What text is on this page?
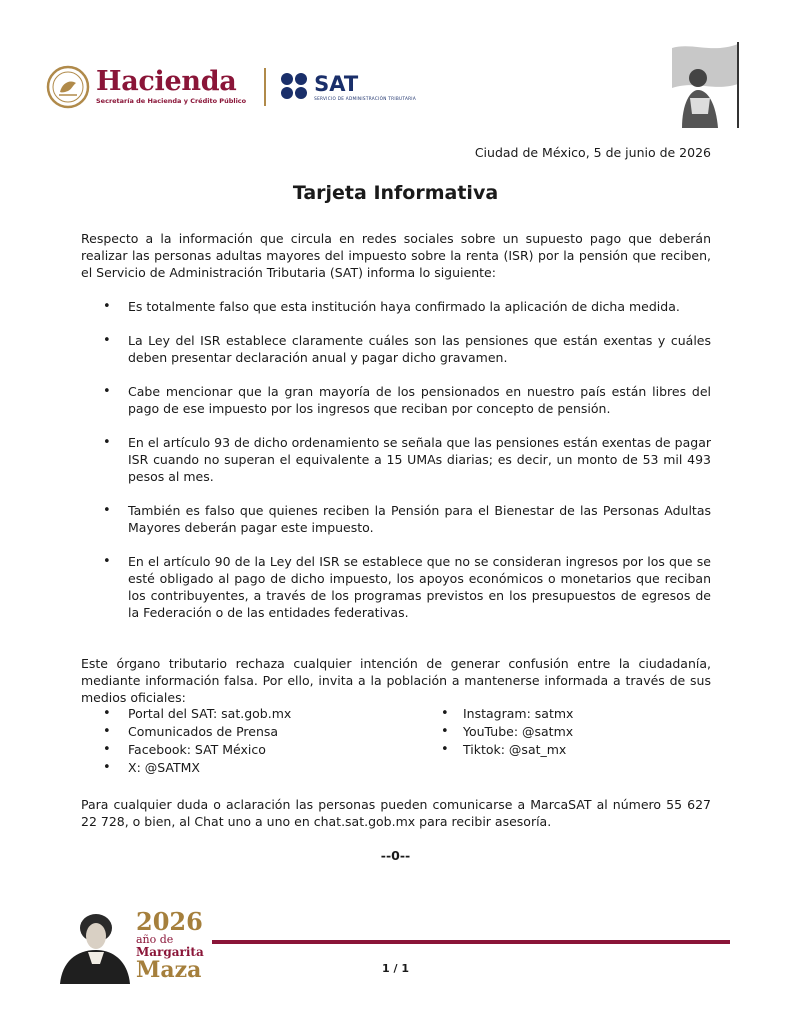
Hacienda
Secretaría de Hacienda y Crédito Público
SAT
SERVICIO DE ADMINISTRACIÓN TRIBUTARIA
Ciudad de México, 5 de junio de 2026
Tarjeta Informativa
Respecto a la información que circula en redes sociales sobre un supuesto pago que deberán realizar las personas adultas mayores del impuesto sobre la renta (ISR) por la pensión que reciben, el Servicio de Administración Tributaria (SAT) informa lo siguiente:
• Es totalmente falso que esta institución haya confirmado la aplicación de dicha medida.
• La Ley del ISR establece claramente cuáles son las pensiones que están exentas y cuáles deben presentar declaración anual y pagar dicho gravamen.
• Cabe mencionar que la gran mayoría de los pensionados en nuestro país están libres del pago de ese impuesto por los ingresos que reciban por concepto de pensión.
• En el artículo 93 de dicho ordenamiento se señala que las pensiones están exentas de pagar ISR cuando no superan el equivalente a 15 UMAs diarias; es decir, un monto de 53 mil 493 pesos al mes.
• También es falso que quienes reciben la Pensión para el Bienestar de las Personas Adultas Mayores deberán pagar este impuesto.
• En el artículo 90 de la Ley del ISR se establece que no se consideran ingresos por los que se esté obligado al pago de dicho impuesto, los apoyos económicos o monetarios que reciban los contribuyentes, a través de los programas previstos en los presupuestos de egresos de la Federación o de las entidades federativas.
Este órgano tributario rechaza cualquier intención de generar confusión entre la ciudadanía, mediante información falsa. Por ello, invita a la población a mantenerse informada a través de sus medios oficiales:
• Portal del SAT: sat.gob.mx
• Comunicados de Prensa
• Facebook: SAT México
• X: @SATMX
• Instagram: satmx
• YouTube: @satmx
• Tiktok: @sat_mx
Para cualquier duda o aclaración las personas pueden comunicarse a MarcaSAT al número 55 627 22 728, o bien, al Chat uno a uno en chat.sat.gob.mx para recibir asesoría.
--0--
2026
año de
Margarita
Maza	1 / 1
